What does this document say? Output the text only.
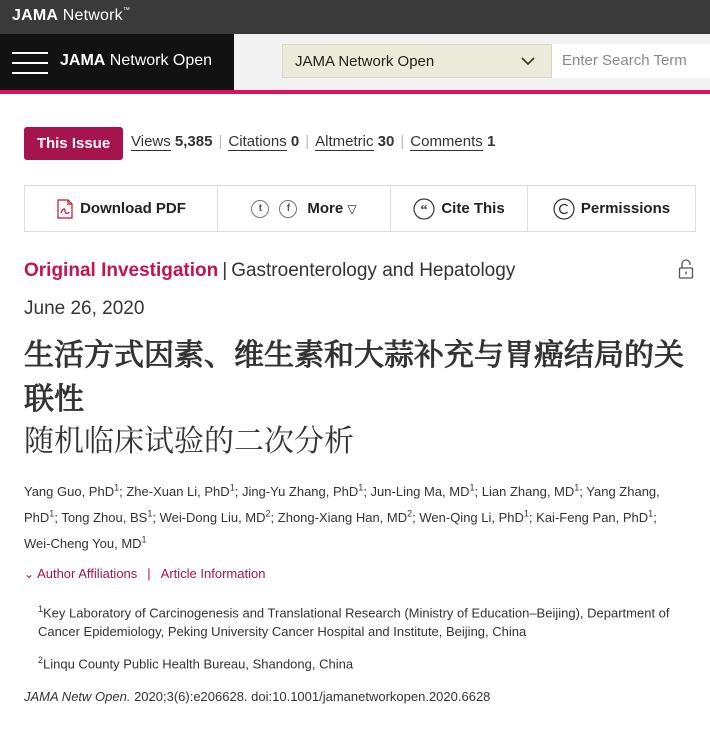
JAMA Network™
JAMA Network Open	JAMA Network Open	Enter Search Term
This Issue	Views 5,385 | Citations 0 | Altmetric 30 | Comments 1
Download PDF	t	f	More ▽	“ Cite This	Permissions
Original Investigation | Gastroenterology and Hepatology
June 26, 2020
生活方式因素、维生素和大蒜补充与胃癌结局的关联性
随机临床试验的二次分析
Yang Guo, PhD$^1$; Zhe-Xuan Li, PhD$^1$; Jing-Yu Zhang, PhD$^1$; Jun-Ling Ma, $MD^1$; Lian Zhang, $MD^1$; Yang Zhang, PhD$^1$; Tong Zhou, $BS^1$; Wei-Dong Liu, $MD^2$; Zhong-Xiang Han, $MD^2$; Wen-Qing Li, PhD$^1$; Kai-Feng Pan, PhD$^1$; Wei-Cheng You, $MD^1$
⌄ Author Affiliations | Article Information

$^1$Key Laboratory of Carcinogenesis and Translational Research (Ministry of Education–Beijing), Department of Cancer Epidemiology, Peking University Cancer Hospital and Institute, Beijing, China

$^2$Linqu County Public Health Bureau, Shandong, China

JAMA Netw Open. 2020;3(6):e206628. doi:10.1001/jamanetworkopen.2020.6628
